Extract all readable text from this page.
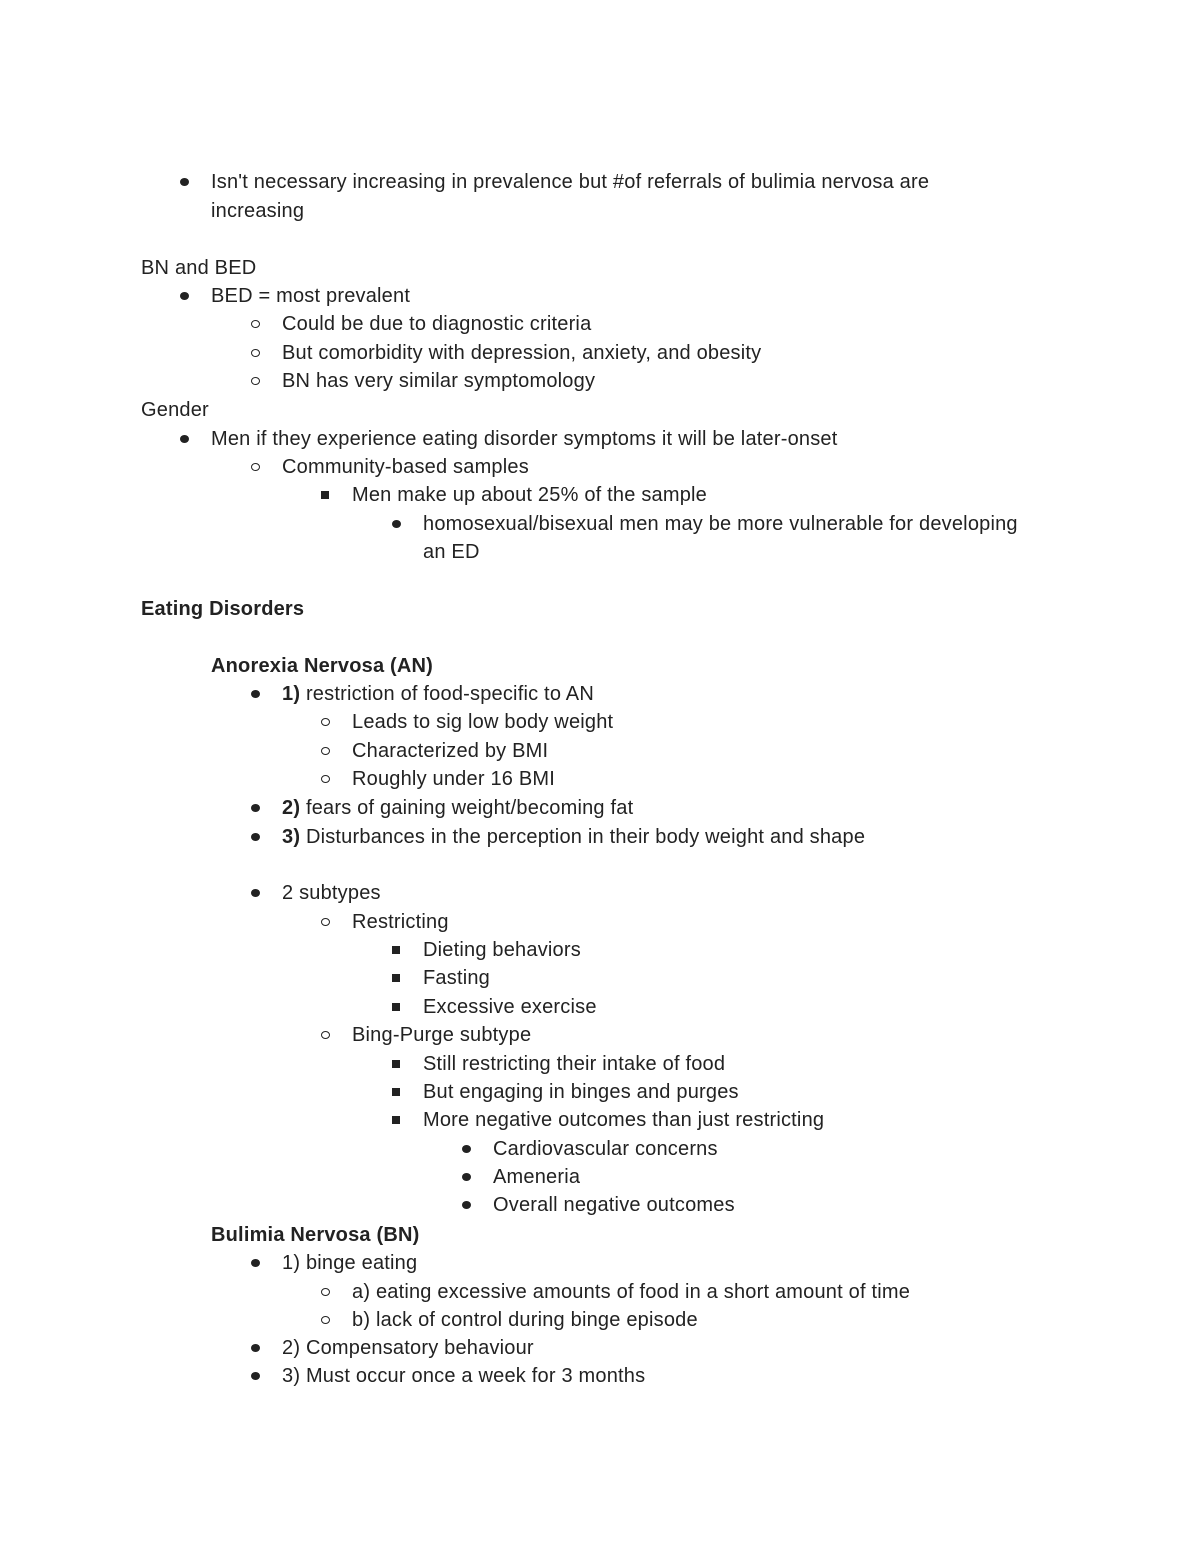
Isn't necessary increasing in prevalence but #of referrals of bulimia nervosa are
increasing
BN and BED
BED = most prevalent
Could be due to diagnostic criteria
But comorbidity with depression, anxiety, and obesity
BN has very similar symptomology
Gender
Men if they experience eating disorder symptoms it will be later-onset
Community-based samples
Men make up about 25% of the sample
homosexual/bisexual men may be more vulnerable for developing
an ED
Eating Disorders
Anorexia Nervosa (AN)
1) restriction of food-specific to AN
Leads to sig low body weight
Characterized by BMI
Roughly under 16 BMI
2) fears of gaining weight/becoming fat
3) Disturbances in the perception in their body weight and shape
2 subtypes
Restricting
Dieting behaviors
Fasting
Excessive exercise
Bing-Purge subtype
Still restricting their intake of food
But engaging in binges and purges
More negative outcomes than just restricting
Cardiovascular concerns
Ameneria
Overall negative outcomes
Bulimia Nervosa (BN)
1) binge eating
a) eating excessive amounts of food in a short amount of time
b) lack of control during binge episode
2) Compensatory behaviour
3) Must occur once a week for 3 months
